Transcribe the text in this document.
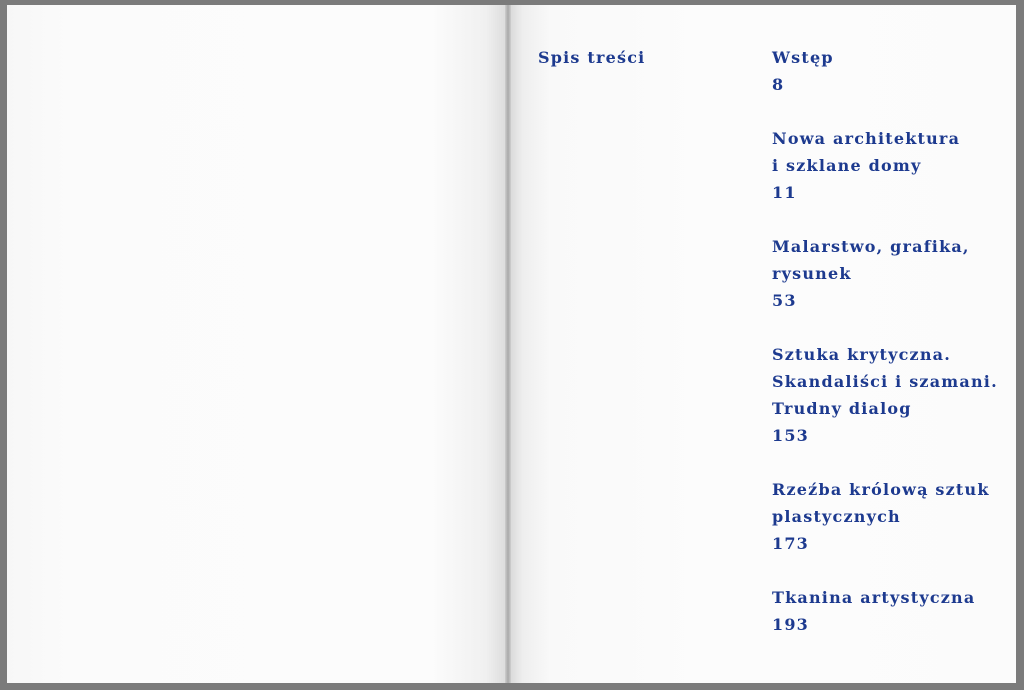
Spis treści	Wstęp
8
Nowa architektura
i szklane domy
11
Malarstwo, grafika,
rysunek
53
Sztuka krytyczna.
Skandaliści i szamani.
Trudny dialog
153
Rzeźba królową sztuk
plastycznych
173
Tkanina artystyczna
193
